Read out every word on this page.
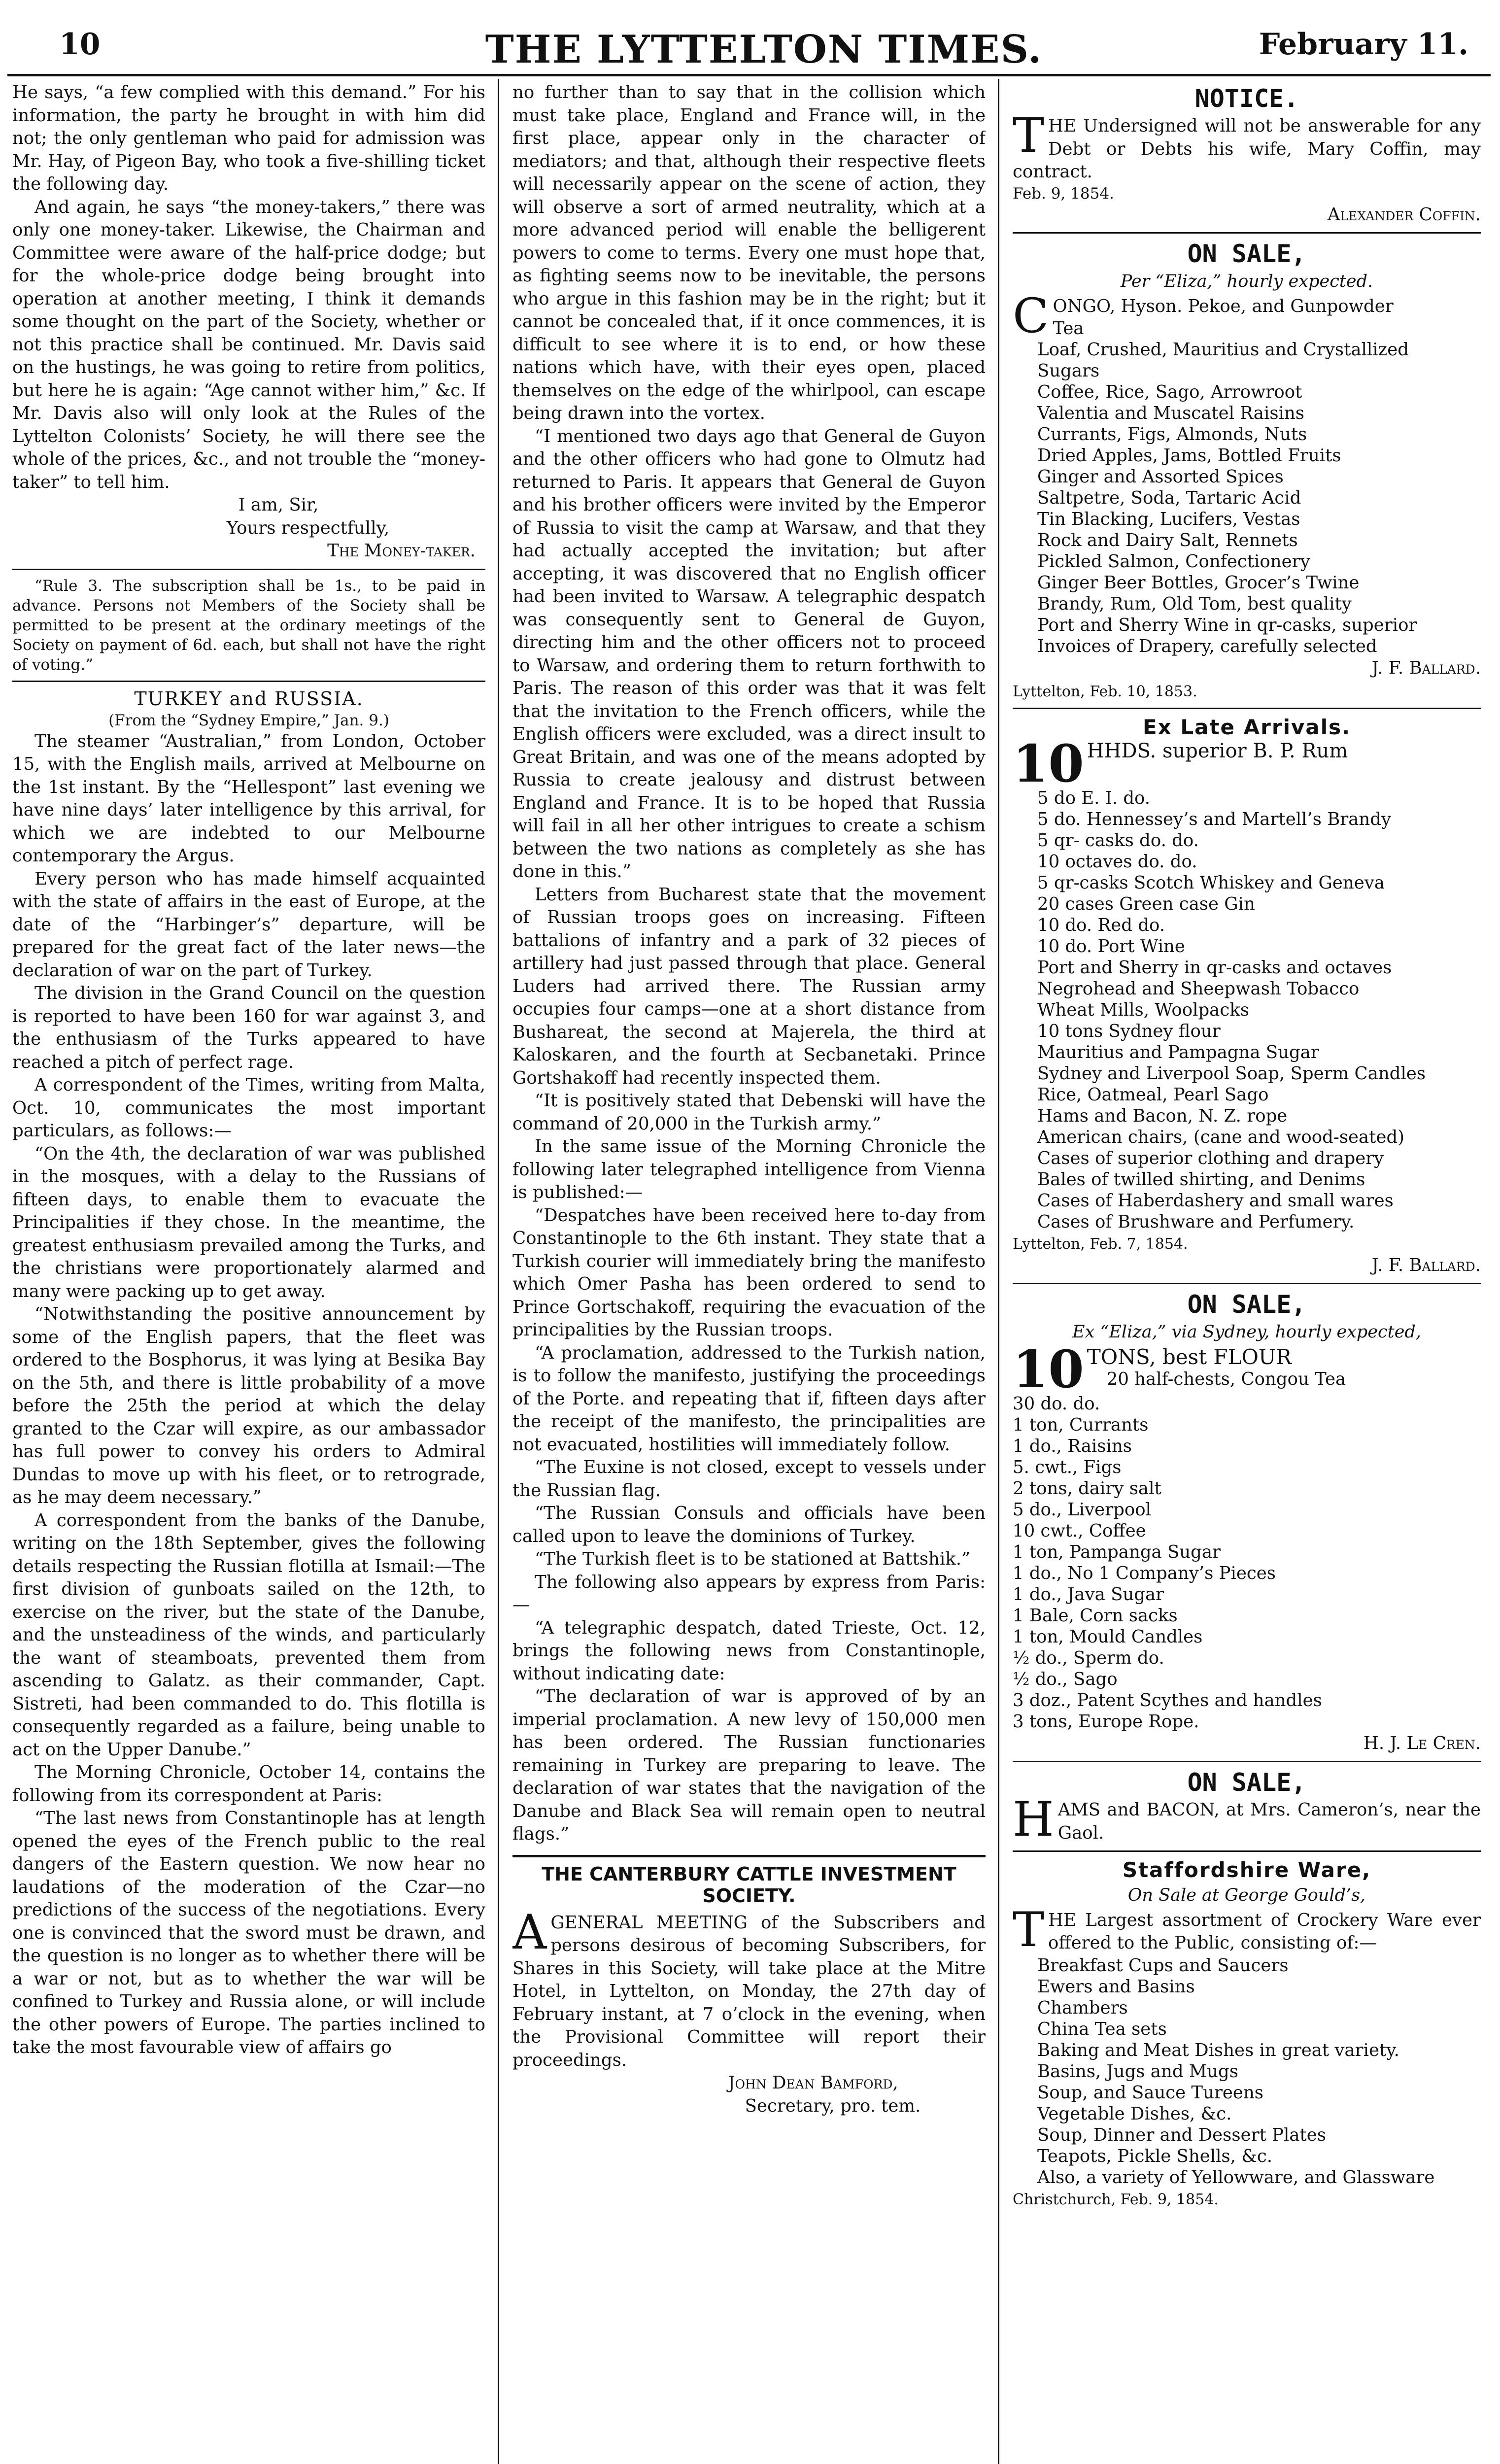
10	THE LYTTELTON TIMES.	February 11.

He says, “a few complied with this demand.” For his information, the party he brought in with him did not; the only gentleman who paid for admission was Mr. Hay, of Pigeon Bay, who took a five-shilling ticket the following day.

And again, he says “the money-takers,” there was only one money-taker. Likewise, the Chairman and Committee were aware of the half-price dodge; but for the whole-price dodge being brought into operation at another meeting, I think it demands some thought on the part of the Society, whether or not this practice shall be continued. Mr. Davis said on the hustings, he was going to retire from politics, but here he is again: “Age cannot wither him,” &c. If Mr. Davis also will only look at the Rules of the Lyttelton Colonists’ Society, he will there see the whole of the prices, &c., and not trouble the “money-taker” to tell him.

I am, Sir,

Yours respectfully,

The Money-taker.

“Rule 3. The subscription shall be 1s., to be paid in advance. Persons not Members of the Society shall be permitted to be present at the ordinary meetings of the Society on payment of 6d. each, but shall not have the right of voting.”

TURKEY and RUSSIA.

(From the “Sydney Empire,” Jan. 9.)

The steamer “Australian,” from London, October 15, with the English mails, arrived at Melbourne on the 1st instant. By the “Hellespont” last evening we have nine days’ later intelligence by this arrival, for which we are indebted to our Melbourne contemporary the Argus.

Every person who has made himself acquainted with the state of affairs in the east of Europe, at the date of the “Harbinger’s” departure, will be prepared for the great fact of the later news—the declaration of war on the part of Turkey.

The division in the Grand Council on the question is reported to have been 160 for war against 3, and the enthusiasm of the Turks appeared to have reached a pitch of perfect rage.

A correspondent of the Times, writing from Malta, Oct. 10, communicates the most important particulars, as follows:—

“On the 4th, the declaration of war was published in the mosques, with a delay to the Russians of fifteen days, to enable them to evacuate the Principalities if they chose. In the meantime, the greatest enthusiasm prevailed among the Turks, and the christians were proportionately alarmed and many were packing up to get away.

“Notwithstanding the positive announcement by some of the English papers, that the fleet was ordered to the Bosphorus, it was lying at Besika Bay on the 5th, and there is little probability of a move before the 25th the period at which the delay granted to the Czar will expire, as our ambassador has full power to convey his orders to Admiral Dundas to move up with his fleet, or to retrograde, as he may deem necessary.”

A correspondent from the banks of the Danube, writing on the 18th September, gives the following details respecting the Russian flotilla at Ismail:—The first division of gunboats sailed on the 12th, to exercise on the river, but the state of the Danube, and the unsteadiness of the winds, and particularly the want of steamboats, prevented them from ascending to Galatz. as their commander, Capt. Sistreti, had been commanded to do. This flotilla is consequently regarded as a failure, being unable to act on the Upper Danube.”

The Morning Chronicle, October 14, contains the following from its correspondent at Paris:

“The last news from Constantinople has at length opened the eyes of the French public to the real dangers of the Eastern question. We now hear no laudations of the moderation of the Czar—no predictions of the success of the negotiations. Every one is convinced that the sword must be drawn, and the question is no longer as to whether there will be a war or not, but as to whether the war will be confined to Turkey and Russia alone, or will include the other powers of Europe. The parties inclined to take the most favourable view of affairs go

no further than to say that in the collision which must take place, England and France will, in the first place, appear only in the character of mediators; and that, although their respective fleets will necessarily appear on the scene of action, they will observe a sort of armed neutrality, which at a more advanced period will enable the belligerent powers to come to terms. Every one must hope that, as fighting seems now to be inevitable, the persons who argue in this fashion may be in the right; but it cannot be concealed that, if it once commences, it is difficult to see where it is to end, or how these nations which have, with their eyes open, placed themselves on the edge of the whirlpool, can escape being drawn into the vortex.

“I mentioned two days ago that General de Guyon and the other officers who had gone to Olmutz had returned to Paris. It appears that General de Guyon and his brother officers were invited by the Emperor of Russia to visit the camp at Warsaw, and that they had actually accepted the invitation; but after accepting, it was discovered that no English officer had been invited to Warsaw. A telegraphic despatch was consequently sent to General de Guyon, directing him and the other officers not to proceed to Warsaw, and ordering them to return forthwith to Paris. The reason of this order was that it was felt that the invitation to the French officers, while the English officers were excluded, was a direct insult to Great Britain, and was one of the means adopted by Russia to create jealousy and distrust between England and France. It is to be hoped that Russia will fail in all her other intrigues to create a schism between the two nations as completely as she has done in this.”

Letters from Bucharest state that the movement of Russian troops goes on increasing. Fifteen battalions of infantry and a park of 32 pieces of artillery had just passed through that place. General Luders had arrived there. The Russian army occupies four camps—one at a short distance from Bushareat, the second at Majerela, the third at Kaloskaren, and the fourth at Secbanetaki. Prince Gortshakoff had recently inspected them.

“It is positively stated that Debenski will have the command of 20,000 in the Turkish army.”

In the same issue of the Morning Chronicle the following later telegraphed intelligence from Vienna is published:—

“Despatches have been received here to-day from Constantinople to the 6th instant. They state that a Turkish courier will immediately bring the manifesto which Omer Pasha has been ordered to send to Prince Gortschakoff, requiring the evacuation of the principalities by the Russian troops.

“A proclamation, addressed to the Turkish nation, is to follow the manifesto, justifying the proceedings of the Porte. and repeating that if, fifteen days after the receipt of the manifesto, the principalities are not evacuated, hostilities will immediately follow.

“The Euxine is not closed, except to vessels under the Russian flag.

“The Russian Consuls and officials have been called upon to leave the dominions of Turkey.

“The Turkish fleet is to be stationed at Battshik.”

The following also appears by express from Paris:—

“A telegraphic despatch, dated Trieste, Oct. 12, brings the following news from Constantinople, without indicating date:

“The declaration of war is approved of by an imperial proclamation. A new levy of 150,000 men has been ordered. The Russian functionaries remaining in Turkey are preparing to leave. The declaration of war states that the navigation of the Danube and Black Sea will remain open to neutral flags.”

THE CANTERBURY CATTLE INVESTMENT SOCIETY.

AGENERAL MEETING of the Subscribers and persons desirous of becoming Subscribers, for Shares in this Society, will take place at the Mitre Hotel, in Lyttelton, on Monday, the 27th day of February instant, at 7 o’clock in the evening, when the Provisional Committee will report their proceedings.

John Dean Bamford,

Secretary, pro. tem.

NOTICE.

THE Undersigned will not be answerable for any Debt or Debts his wife, Mary Coffin, may contract.

Feb. 9, 1854.

Alexander Coffin.

ON SALE,

Per “Eliza,” hourly expected.

CONGO, Hyson. Pekoe, and Gunpowder

Tea

Loaf, Crushed, Mauritius and Crystallized

Sugars

Coffee, Rice, Sago, Arrowroot

Valentia and Muscatel Raisins

Currants, Figs, Almonds, Nuts

Dried Apples, Jams, Bottled Fruits

Ginger and Assorted Spices

Saltpetre, Soda, Tartaric Acid

Tin Blacking, Lucifers, Vestas

Rock and Dairy Salt, Rennets

Pickled Salmon, Confectionery

Ginger Beer Bottles, Grocer’s Twine

Brandy, Rum, Old Tom, best quality

Port and Sherry Wine in qr-casks, superior

Invoices of Drapery, carefully selected

J. F. Ballard.

Lyttelton, Feb. 10, 1853.

Ex Late Arrivals.
10 HHDS. superior B. P. Rum

5 do E. I. do.

5 do. Hennessey’s and Martell’s Brandy

5 qr- casks do. do.

10 octaves do. do.

5 qr-casks Scotch Whiskey and Geneva

20 cases Green case Gin

10 do. Red do.

10 do. Port Wine

Port and Sherry in qr-casks and octaves

Negrohead and Sheepwash Tobacco

Wheat Mills, Woolpacks

10 tons Sydney flour

Mauritius and Pampagna Sugar

Sydney and Liverpool Soap, Sperm Candles

Rice, Oatmeal, Pearl Sago

Hams and Bacon, N. Z. rope

American chairs, (cane and wood-seated)

Cases of superior clothing and drapery

Bales of twilled shirting, and Denims

Cases of Haberdashery and small wares

Cases of Brushware and Perfumery.

Lyttelton, Feb. 7, 1854.

J. F. Ballard.

ON SALE,

Ex “Eliza,” via Sydney, hourly expected,

10 TONS, best FLOUR
20 half-chests, Congou Tea

30 do. do.

1 ton, Currants

1 do., Raisins

5. cwt., Figs

2 tons, dairy salt

5 do., Liverpool

10 cwt., Coffee

1 ton, Pampanga Sugar

1 do., No 1 Company’s Pieces

1 do., Java Sugar

1 Bale, Corn sacks

1 ton, Mould Candles

½ do., Sperm do.

½ do., Sago

3 doz., Patent Scythes and handles

3 tons, Europe Rope.

H. J. Le Cren.

ON SALE,

HAMS and BACON, at Mrs. Cameron’s, near the Gaol.

Staffordshire Ware,

On Sale at George Gould’s,

THE Largest assortment of Crockery Ware ever offered to the Public, consisting of:—

Breakfast Cups and Saucers

Ewers and Basins

Chambers

China Tea sets

Baking and Meat Dishes in great variety.

Basins, Jugs and Mugs

Soup, and Sauce Tureens

Vegetable Dishes, &c.

Soup, Dinner and Dessert Plates

Teapots, Pickle Shells, &c.

Also, a variety of Yellowware, and Glassware

Christchurch, Feb. 9, 1854.
